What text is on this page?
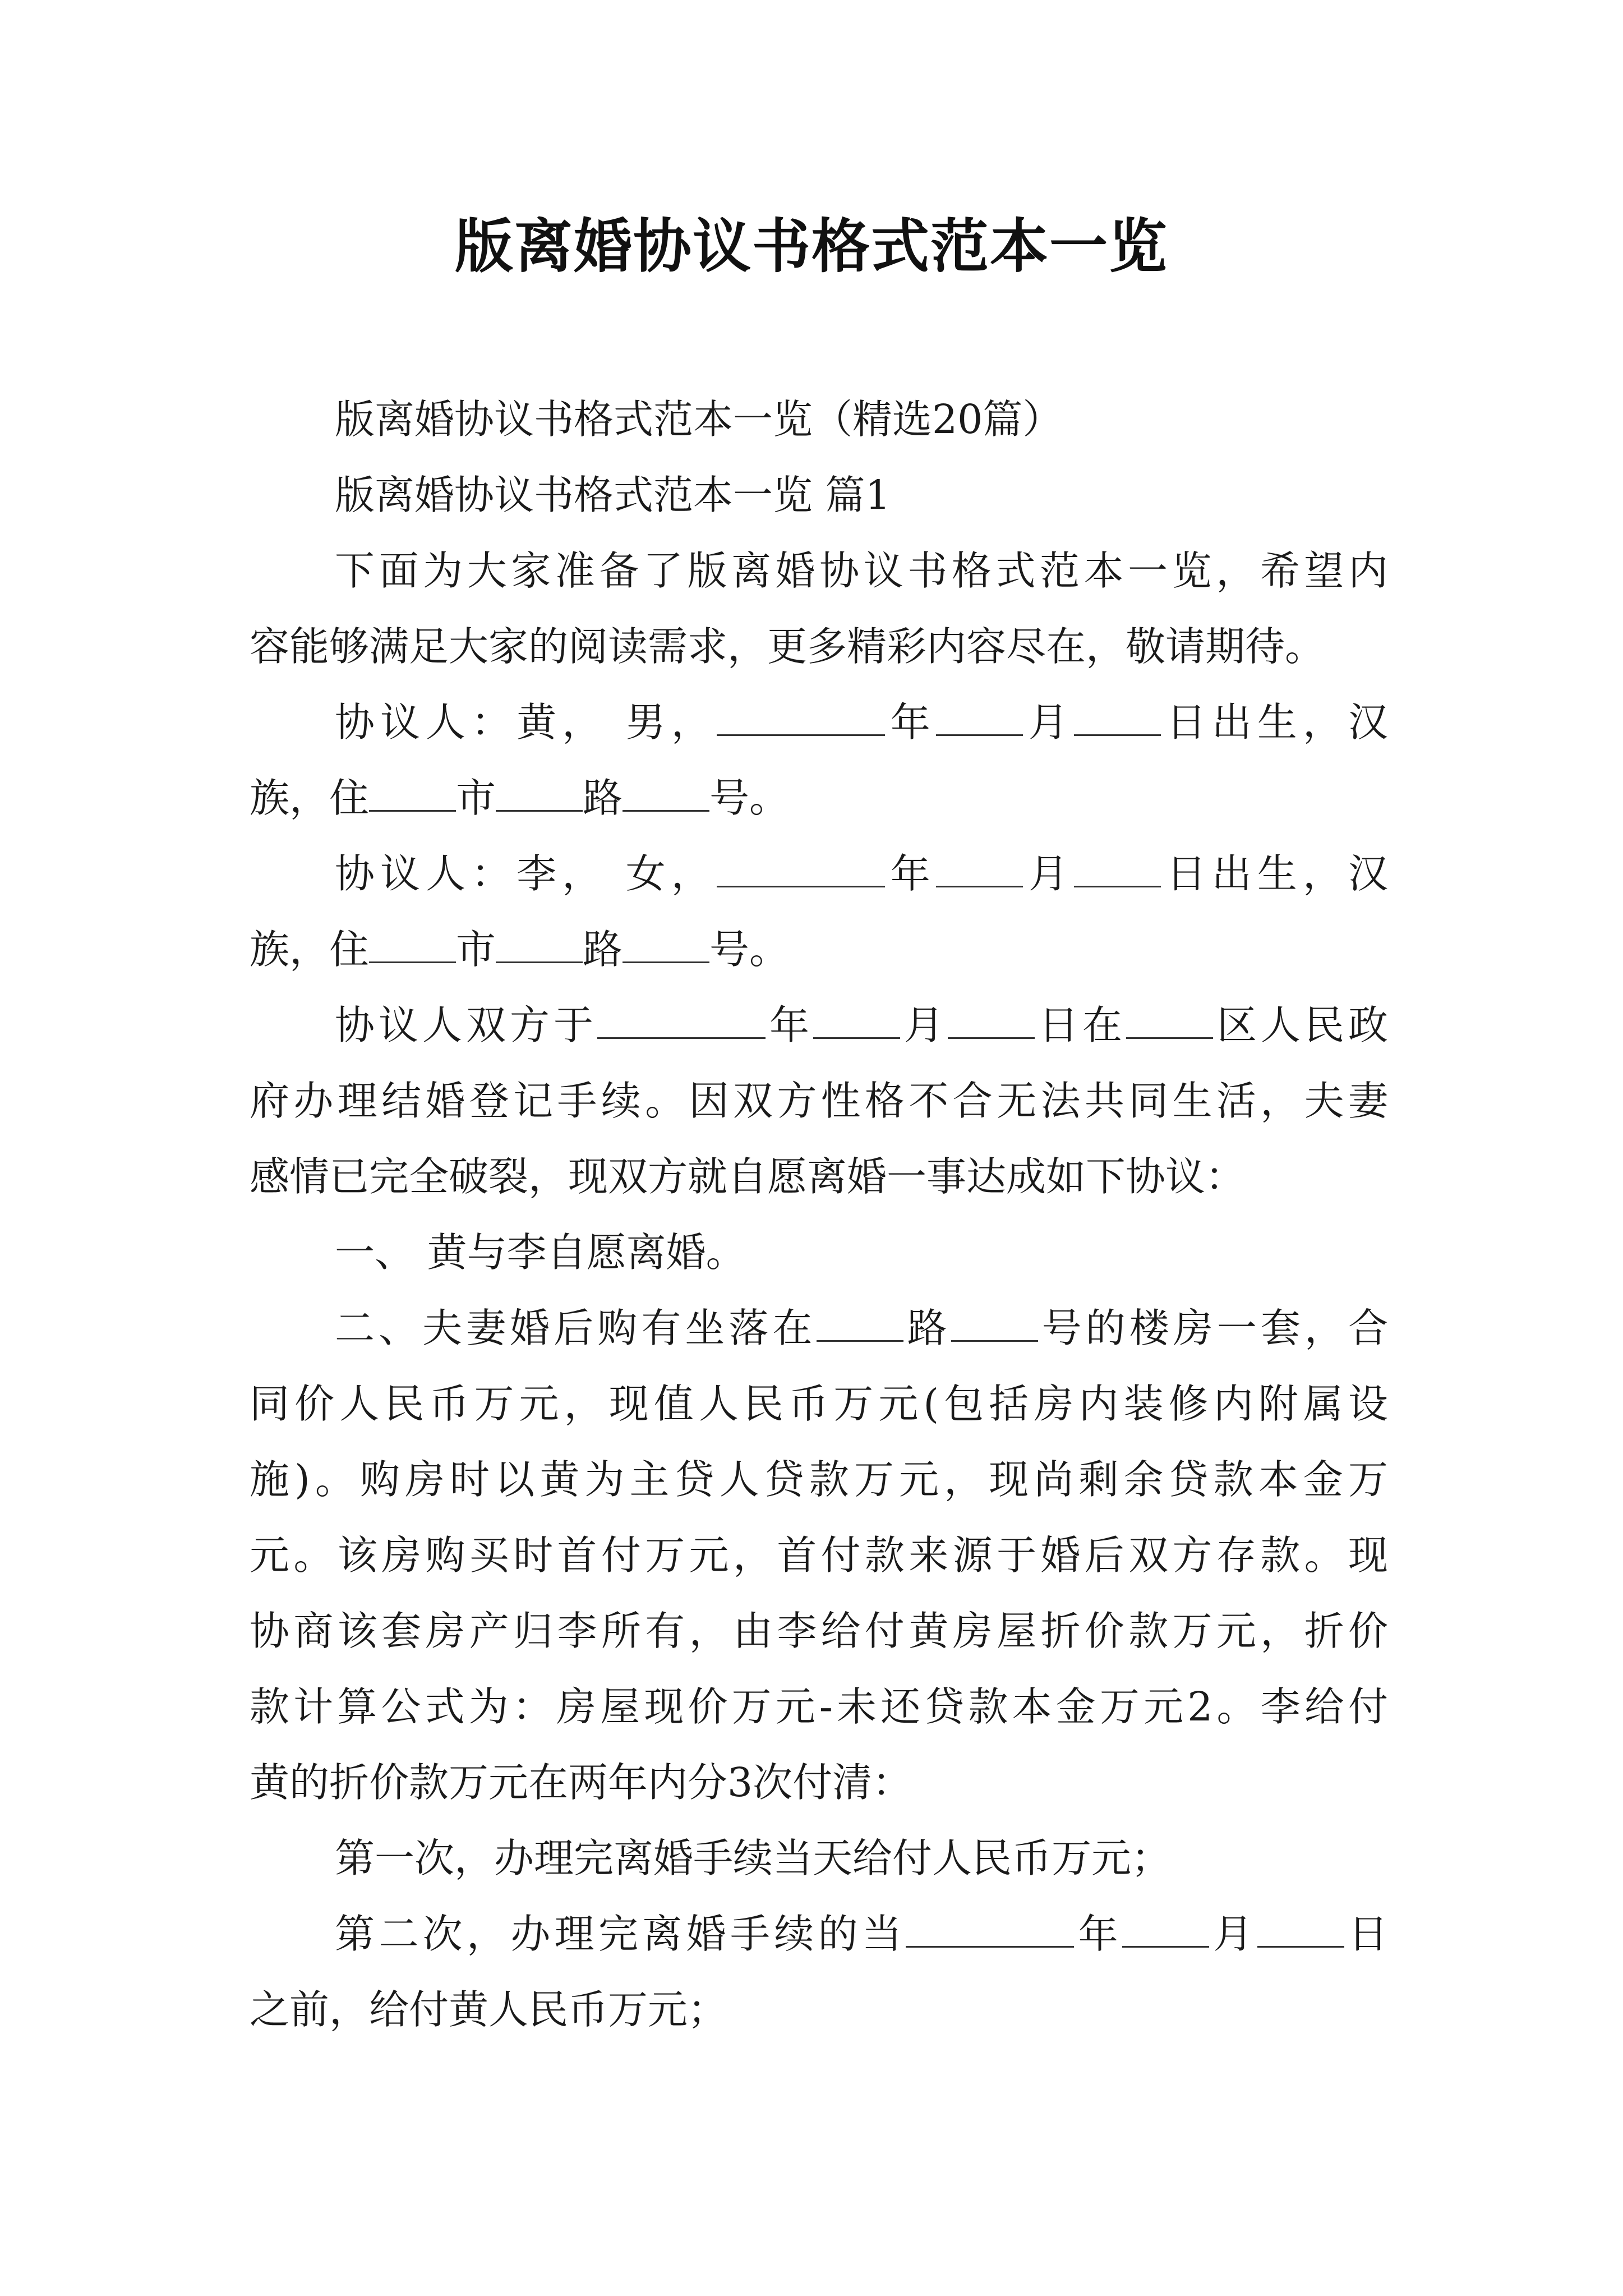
版离婚协议书格式范本一览
版离婚协议书格式范本一览（精选20篇）
版离婚协议书格式范本一览 篇1
下面为大家准备了版离婚协议书格式范本一览，希望内
容能够满足大家的阅读需求，更多精彩内容尽在，敬请期待。
协议人：黄， 男，	年 月 日出生，汉
族，住 市 路 号。
协议人：李， 女，	年 月 日出生，汉
族，住 市 路 号。
协议人双方于	年 月 日在 区人民政
府办理结婚登记手续。因双方性格不合无法共同生活，夫妻
感情已完全破裂，现双方就自愿离婚一事达成如下协议：
一、 黄与李自愿离婚。
二、夫妻婚后购有坐落在 路 号的楼房一套，合
同价人民币万元，现值人民币万元(包括房内装修内附属设
施)。购房时以黄为主贷人贷款万元，现尚剩余贷款本金万
元。该房购买时首付万元，首付款来源于婚后双方存款。现
协商该套房产归李所有，由李给付黄房屋折价款万元，折价
款计算公式为：房屋现价万元-未还贷款本金万元2。李给付
黄的折价款万元在两年内分3次付清：
第一次，办理完离婚手续当天给付人民币万元；
第二次，办理完离婚手续的当	年 月 日
之前，给付黄人民币万元；
